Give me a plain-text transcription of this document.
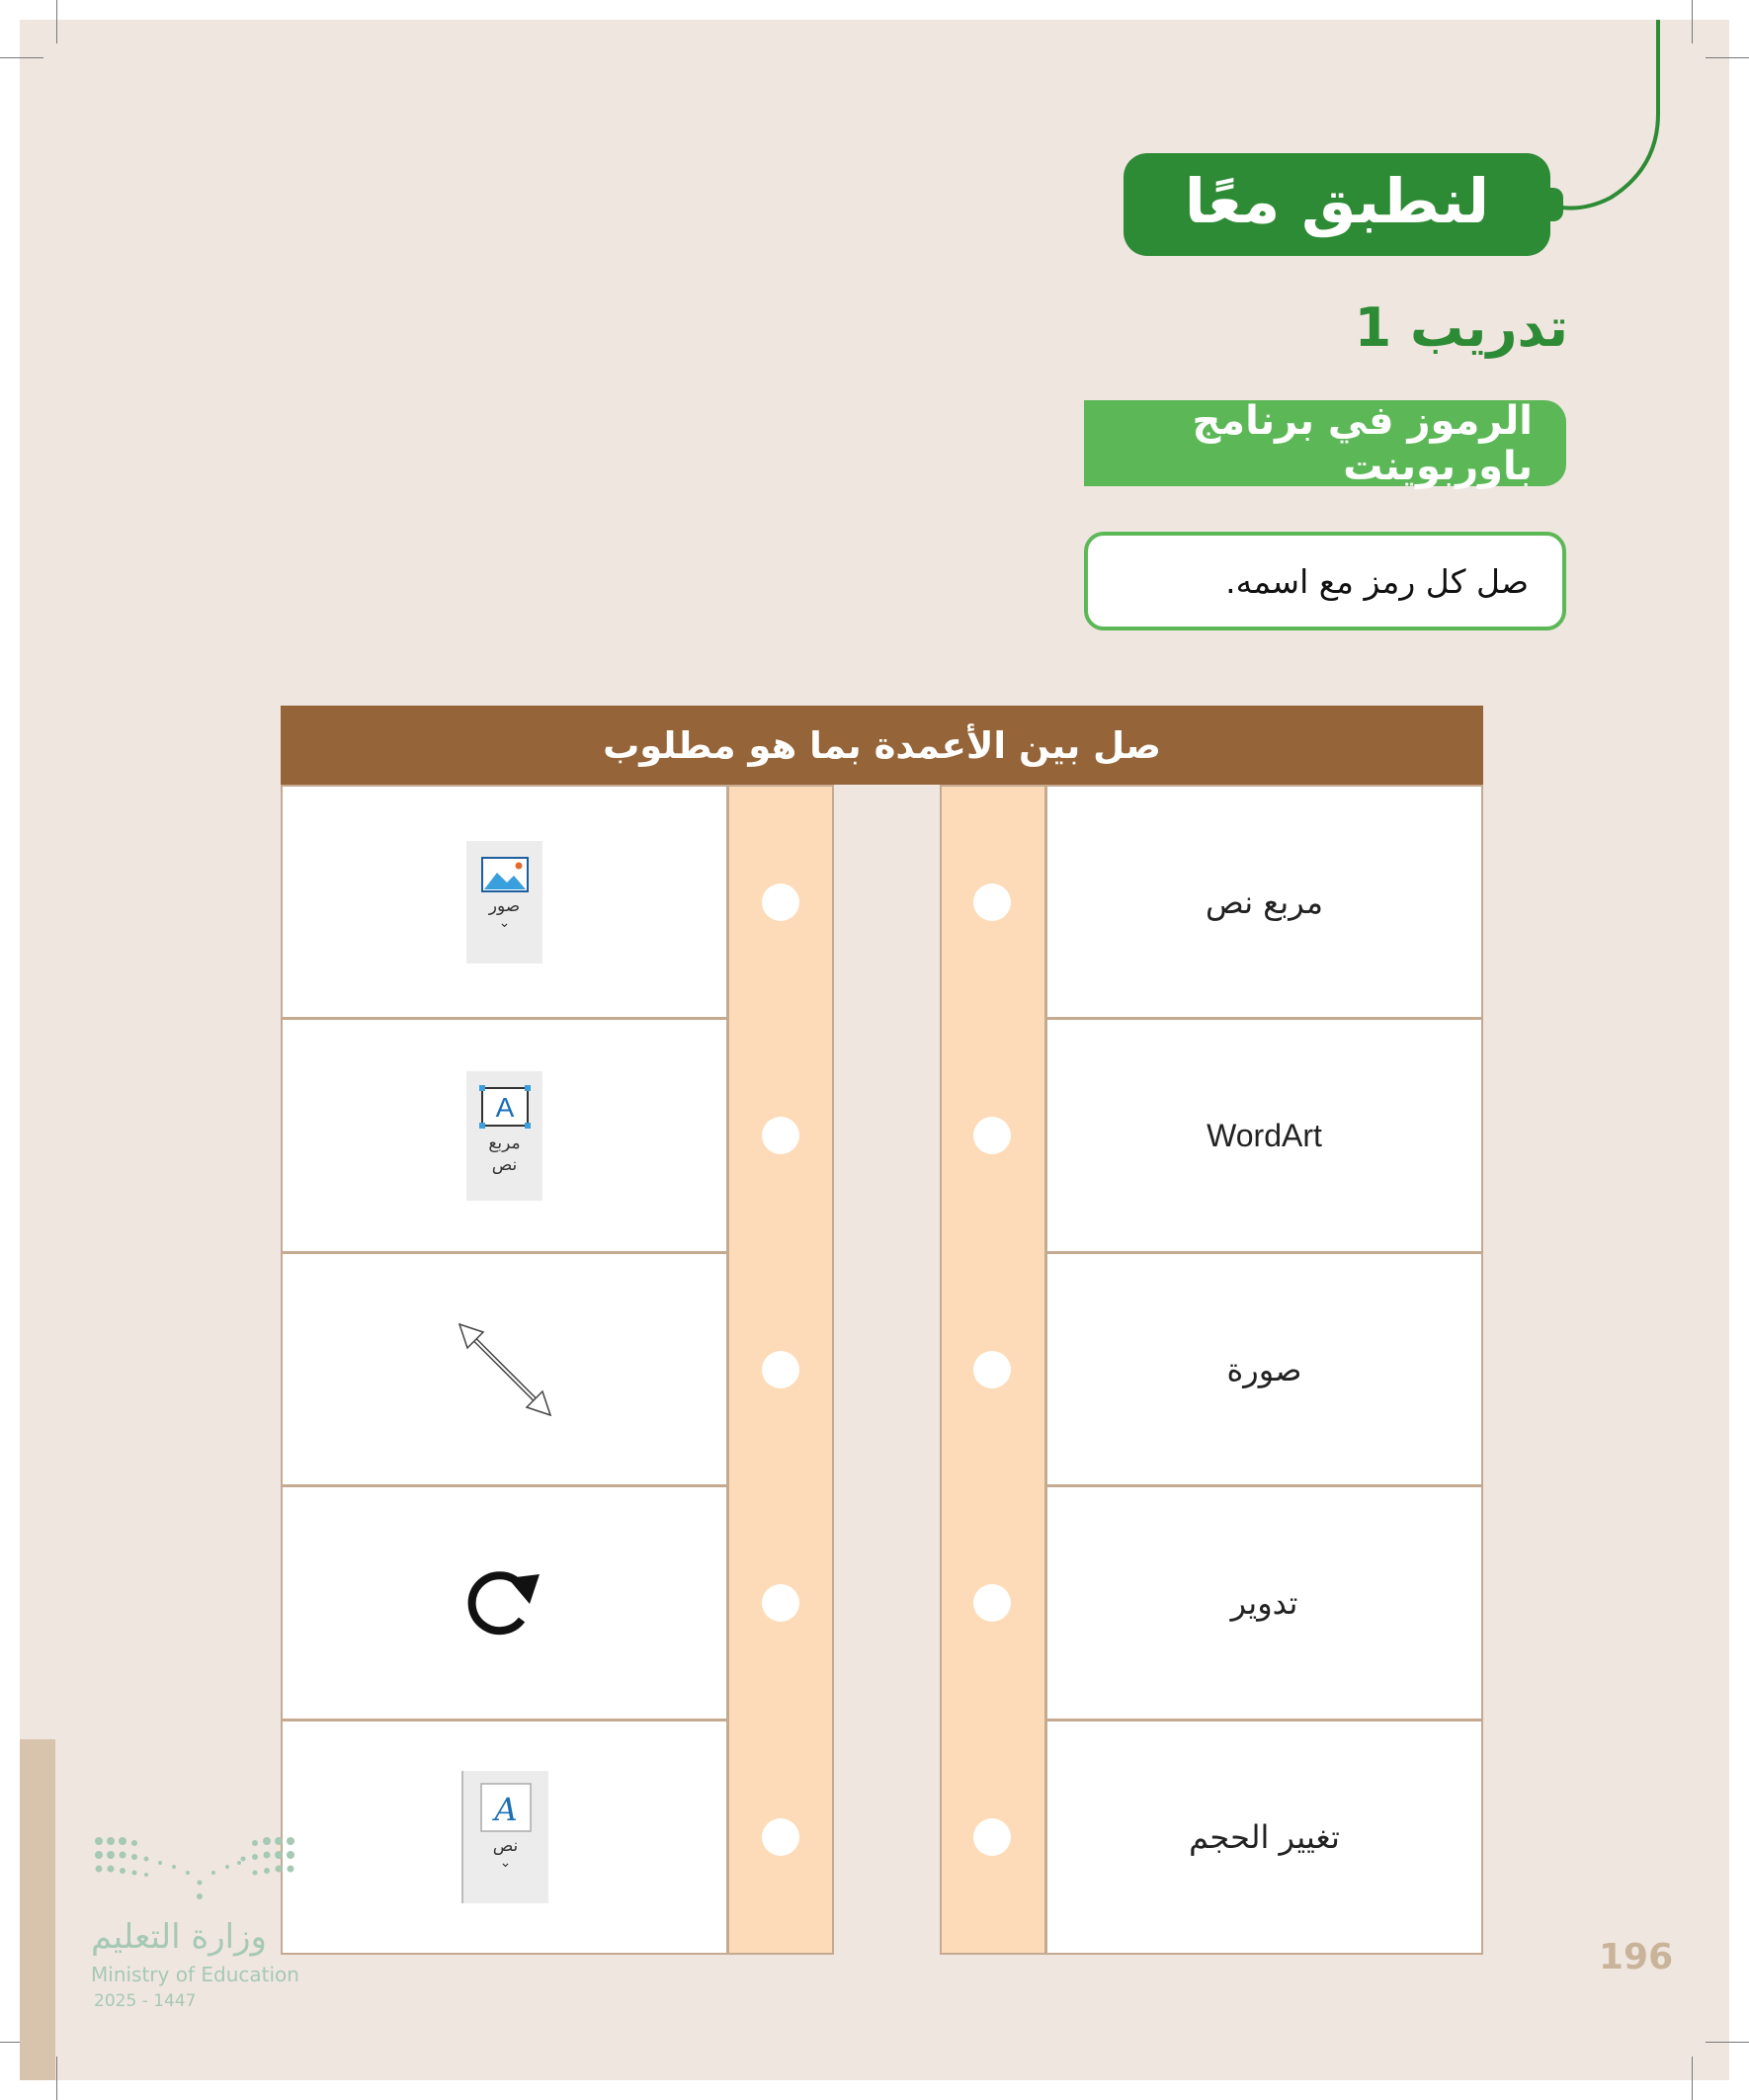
لنطبق معًا
تدريب 1
الرموز في برنامج باوربوينت
صل كل رمز مع اسمه.
صل بين الأعمدة بما هو مطلوب
صور
⌄
مربع نص
A
مربع نص
WordArt
صورة
تدوير
A
نص
⌄
تغيير الحجم
وزارة التعليم
Ministry of Education
2025 - 1447
196
